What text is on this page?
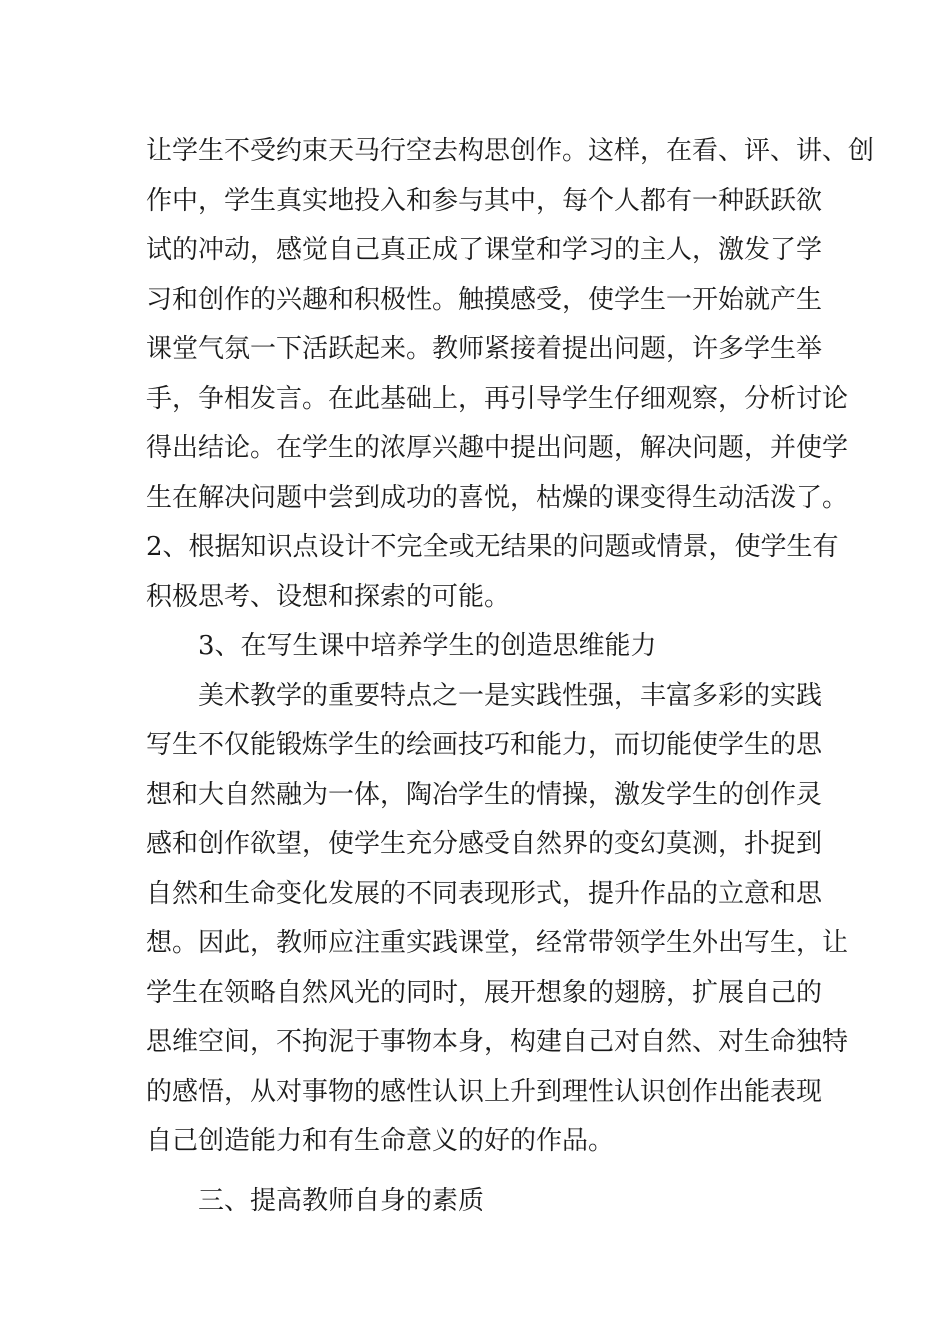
让学生不受约束天马行空去构思创作。这样，在看、评、讲、创
作中，学生真实地投入和参与其中，每个人都有一种跃跃欲
试的冲动，感觉自己真正成了课堂和学习的主人，激发了学
习和创作的兴趣和积极性。触摸感受，使学生一开始就产生
课堂气氛一下活跃起来。教师紧接着提出问题，许多学生举
手，争相发言。在此基础上，再引导学生仔细观察，分析讨论
得出结论。在学生的浓厚兴趣中提出问题，解决问题，并使学
生在解决问题中尝到成功的喜悦，枯燥的课变得生动活泼了。
2、根据知识点设计不完全或无结果的问题或情景，使学生有
积极思考、设想和探索的可能。
3、在写生课中培养学生的创造思维能力
美术教学的重要特点之一是实践性强，丰富多彩的实践
写生不仅能锻炼学生的绘画技巧和能力，而切能使学生的思
想和大自然融为一体，陶冶学生的情操，激发学生的创作灵
感和创作欲望，使学生充分感受自然界的变幻莫测，扑捉到
自然和生命变化发展的不同表现形式，提升作品的立意和思
想。因此，教师应注重实践课堂，经常带领学生外出写生，让
学生在领略自然风光的同时，展开想象的翅膀，扩展自己的
思维空间，不拘泥于事物本身，构建自己对自然、对生命独特
的感悟，从对事物的感性认识上升到理性认识创作出能表现
自己创造能力和有生命意义的好的作品。
三、提高教师自身的素质
